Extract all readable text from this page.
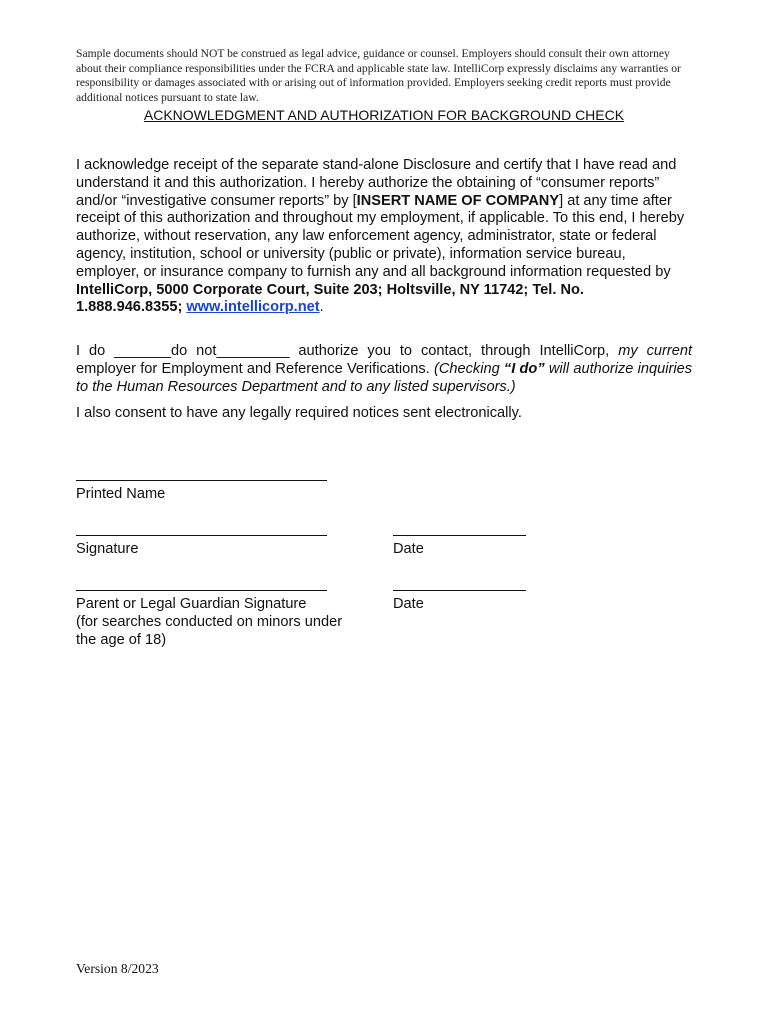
Sample documents should NOT be construed as legal advice, guidance or counsel. Employers should consult their own attorney about their compliance responsibilities under the FCRA and applicable state law. IntelliCorp expressly disclaims any warranties or responsibility or damages associated with or arising out of information provided. Employers seeking credit reports must provide additional notices pursuant to state law.

ACKNOWLEDGMENT AND AUTHORIZATION FOR BACKGROUND CHECK

I acknowledge receipt of the separate stand-alone Disclosure and certify that I have read and understand it and this authorization. I hereby authorize the obtaining of “consumer reports” and/or “investigative consumer reports” by [INSERT NAME OF COMPANY] at any time after receipt of this authorization and throughout my employment, if applicable. To this end, I hereby authorize, without reservation, any law enforcement agency, administrator, state or federal agency, institution, school or university (public or private), information service bureau, employer, or insurance company to furnish any and all background information requested by IntelliCorp, 5000 Corporate Court, Suite 203; Holtsville, NY 11742; Tel. No. 1.888.946.8355; www.intellicorp.net.

I do _______do not_________ authorize you to contact, through IntelliCorp, my current employer for Employment and Reference Verifications. (Checking “I do” will authorize inquiries to the Human Resources Department and to any listed supervisors.)

I also consent to have any legally required notices sent electronically.

Printed Name

Signature	Date

Parent or Legal Guardian Signature
(for searches conducted on minors under
the age of 18)

Date

Version 8/2023
